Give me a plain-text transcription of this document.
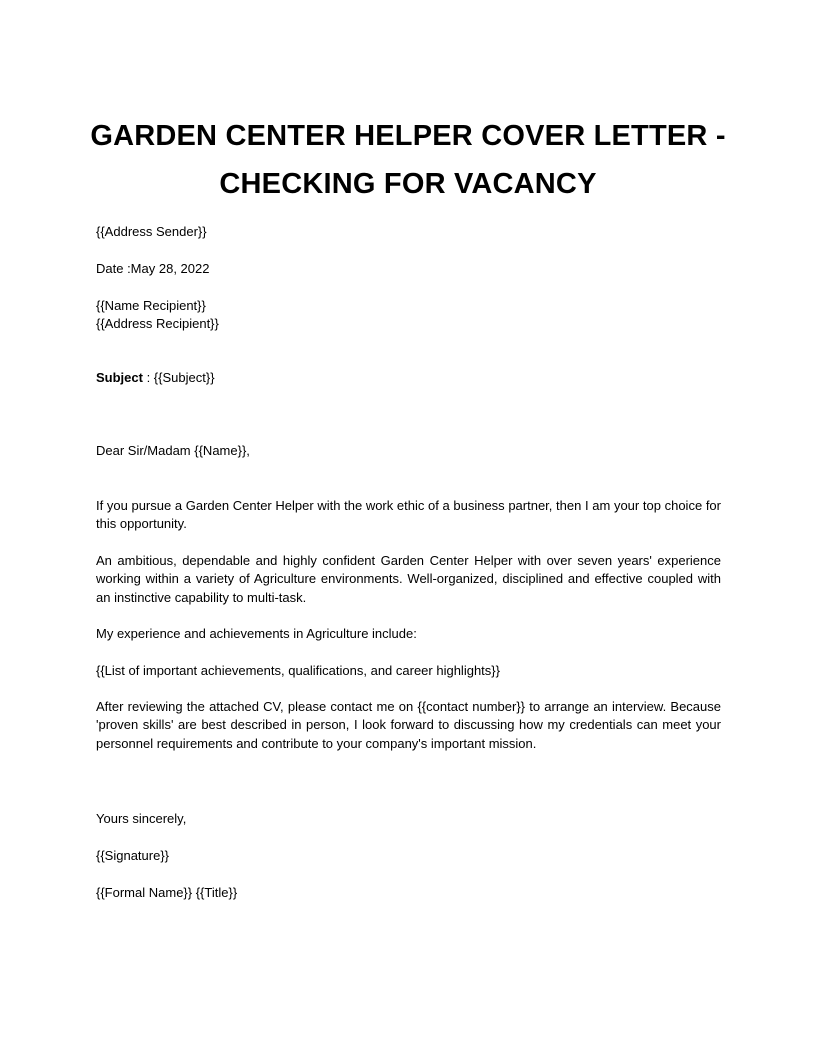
GARDEN CENTER HELPER COVER LETTER -
CHECKING FOR VACANCY
{{Address Sender}}
Date :May 28, 2022
{{Name Recipient}}
{{Address Recipient}}
Subject : {{Subject}}
Dear Sir/Madam {{Name}},
If you pursue a Garden Center Helper with the work ethic of a business partner, then I am your top choice for this opportunity.
An ambitious, dependable and highly confident Garden Center Helper with over seven years' experience working within a variety of Agriculture environments. Well-organized, disciplined and effective coupled with an instinctive capability to multi-task.
My experience and achievements in Agriculture include:
{{List of important achievements, qualifications, and career highlights}}
After reviewing the attached CV, please contact me on {{contact number}} to arrange an interview. Because 'proven skills' are best described in person, I look forward to discussing how my credentials can meet your personnel requirements and contribute to your company's important mission.
Yours sincerely,
{{Signature}}
{{Formal Name}} {{Title}}
